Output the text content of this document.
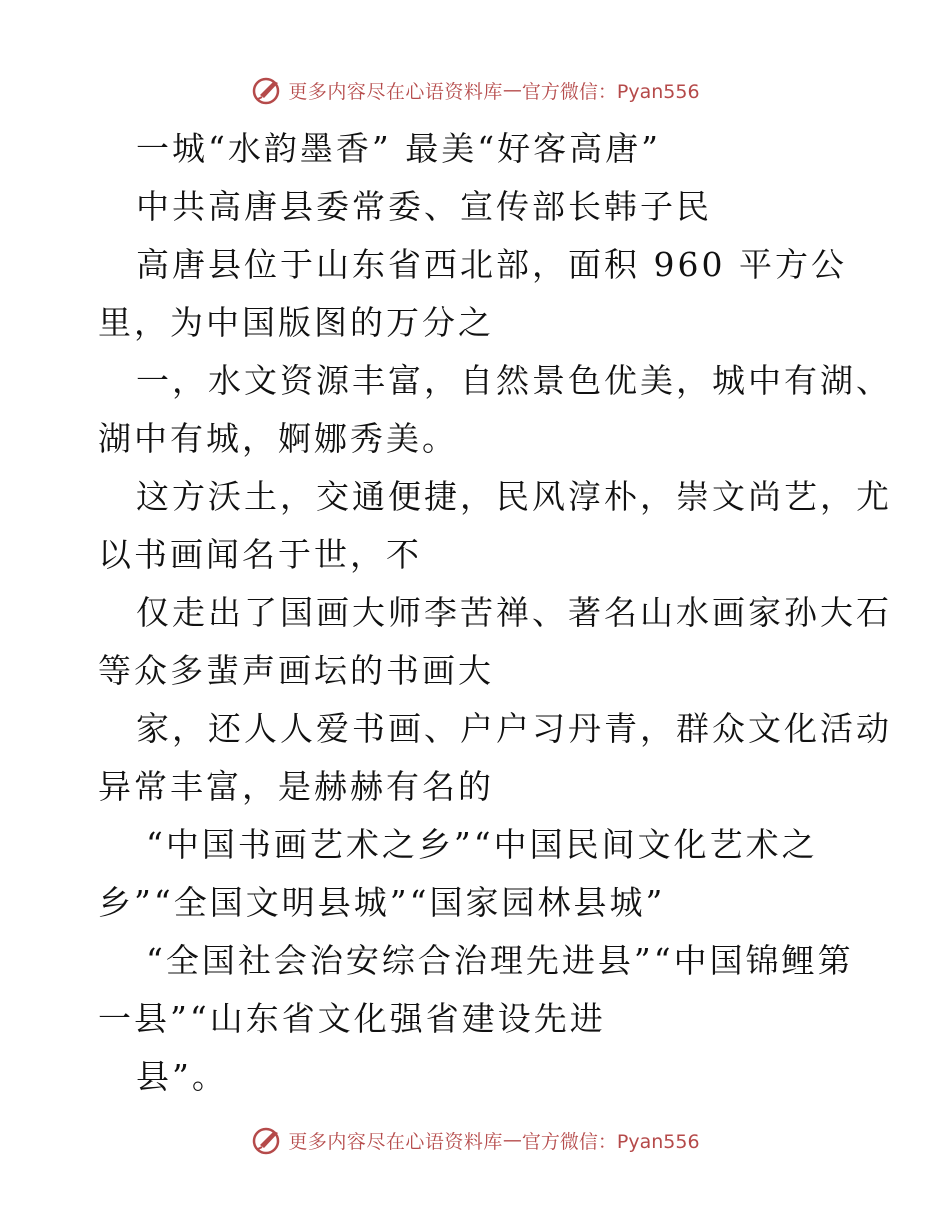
更多内容尽在心语资料库 — 官方微信：Pyan556
一城“水韵墨香” 最美“好客高唐”
中共高唐县委常委、宣传部长韩子民
高唐县位于山东省西北部，面积 960 平方公
里，为中国版图的万分之
一，水文资源丰富，自然景色优美，城中有湖、
湖中有城，婀娜秀美。
这方沃土，交通便捷，民风淳朴，崇文尚艺，尤
以书画闻名于世，不
仅走出了国画大师李苦禅、著名山水画家孙大石
等众多蜚声画坛的书画大
家，还人人爱书画、户户习丹青，群众文化活动
异常丰富，是赫赫有名的
“中国书画艺术之乡”“中国民间文化艺术之
乡”“全国文明县城”“国家园林县城”
“全国社会治安综合治理先进县”“中国锦鲤第
一县”“山东省文化强省建设先进
县”。
更多内容尽在心语资料库 — 官方微信：Pyan556
